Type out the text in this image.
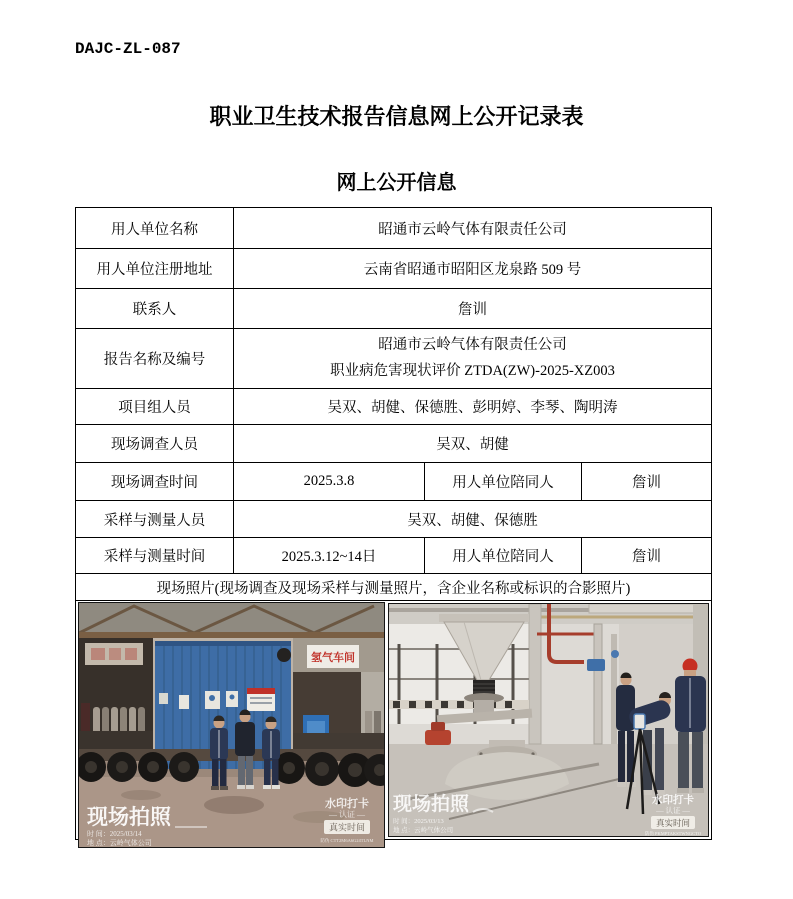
DAJC-ZL-087
职业卫生技术报告信息网上公开记录表
网上公开信息
用人单位名称	昭通市云岭气体有限责任公司		
用人单位注册地址	云南省昭通市昭阳区龙泉路 509 号		
联系人	詹训		
报告名称及编号	昭通市云岭气体有限责任公司
职业病危害现状评价 ZTDA(ZW)-2025-XZ003		

项目组人员	吴双、胡健、保德胜、彭明婷、李琴、陶明涛		
现场调查人员	吴双、胡健		
现场调查时间	2025.3.8	用人单位陪同人	詹训
采样与测量人员	吴双、胡健、保德胜		
采样与测量时间	2025.3.12~14日	用人单位陪同人	詹训
现场照片(现场调查及现场采样与测量照片，含企业名称或标识的合影照片)			

氢气车间
现场拍照
时 间：2025/03/14
地 点：云岭气体公司
水印打卡
— 认证 —
真实时间
防伪 CTT2M6A6G24TLNM
现场拍照
时 间：2025/03/13
地 点：云岭气体公司
水印打卡
— 认证 —
真实时间
防伪 PKMPTAKSTWNGCTO
